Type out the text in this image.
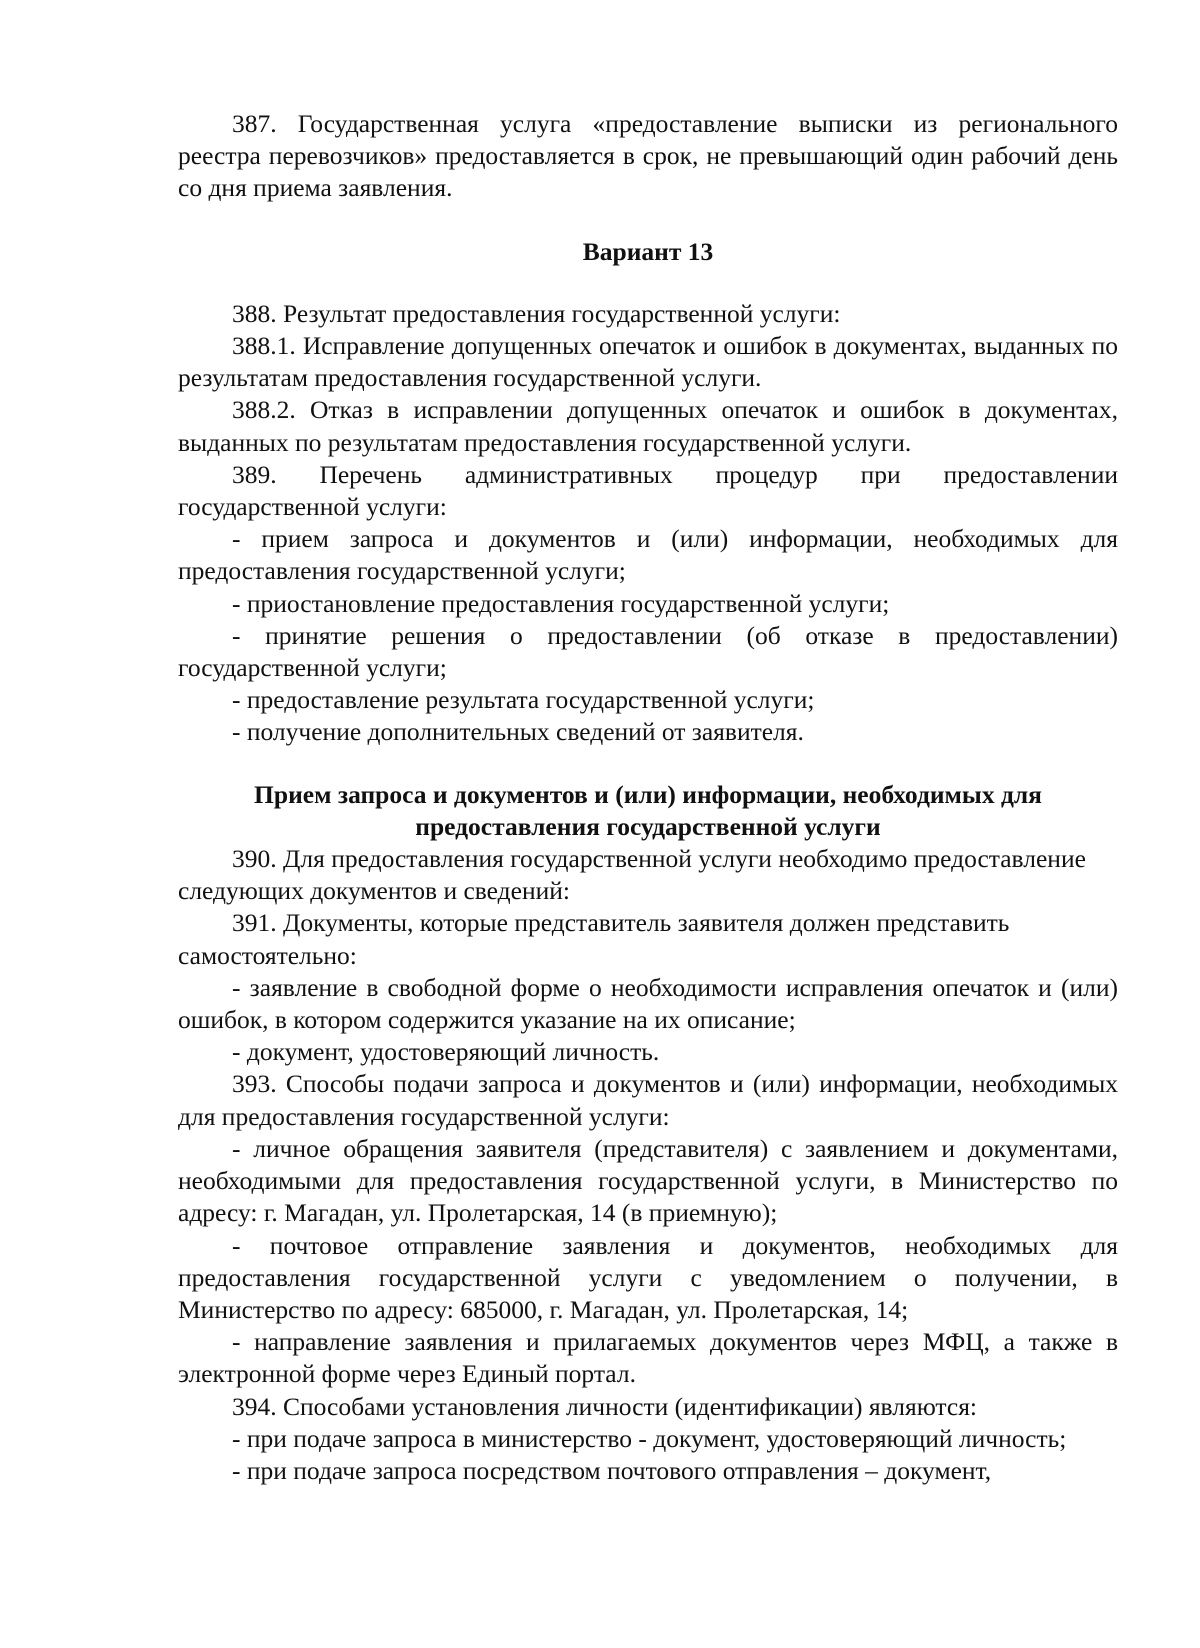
387. Государственная услуга «предоставление выписки из регионального реестра перевозчиков» предоставляется в срок, не превышающий один рабочий день со дня приема заявления.

Вариант 13

388. Результат предоставления государственной услуги:

388.1. Исправление допущенных опечаток и ошибок в документах, выданных по результатам предоставления государственной услуги.

388.2. Отказ в исправлении допущенных опечаток и ошибок в документах, выданных по результатам предоставления государственной услуги.

389. Перечень административных процедур при предоставлении государственной услуги:

- прием запроса и документов и (или) информации, необходимых для предоставления государственной услуги;

- приостановление предоставления государственной услуги;

- принятие решения о предоставлении (об отказе в предоставлении) государственной услуги;

- предоставление результата государственной услуги;

- получение дополнительных сведений от заявителя.

Прием запроса и документов и (или) информации, необходимых для предоставления государственной услуги

390. Для предоставления государственной услуги необходимо предоставление следующих документов и сведений:

391. Документы, которые представитель заявителя должен представить самостоятельно:

- заявление в свободной форме о необходимости исправления опечаток и (или) ошибок, в котором содержится указание на их описание;

- документ, удостоверяющий личность.

393. Способы подачи запроса и документов и (или) информации, необходимых для предоставления государственной услуги:

- личное обращения заявителя (представителя) с заявлением и документами, необходимыми для предоставления государственной услуги, в Министерство по адресу: г. Магадан, ул. Пролетарская, 14 (в приемную);

- почтовое отправление заявления и документов, необходимых для предоставления государственной услуги с уведомлением о получении, в Министерство по адресу: 685000, г. Магадан, ул. Пролетарская, 14;

- направление заявления и прилагаемых документов через МФЦ, а также в электронной форме через Единый портал.

394. Способами установления личности (идентификации) являются:

- при подаче запроса в министерство - документ, удостоверяющий личность;

- при подаче запроса посредством почтового отправления – документ,
